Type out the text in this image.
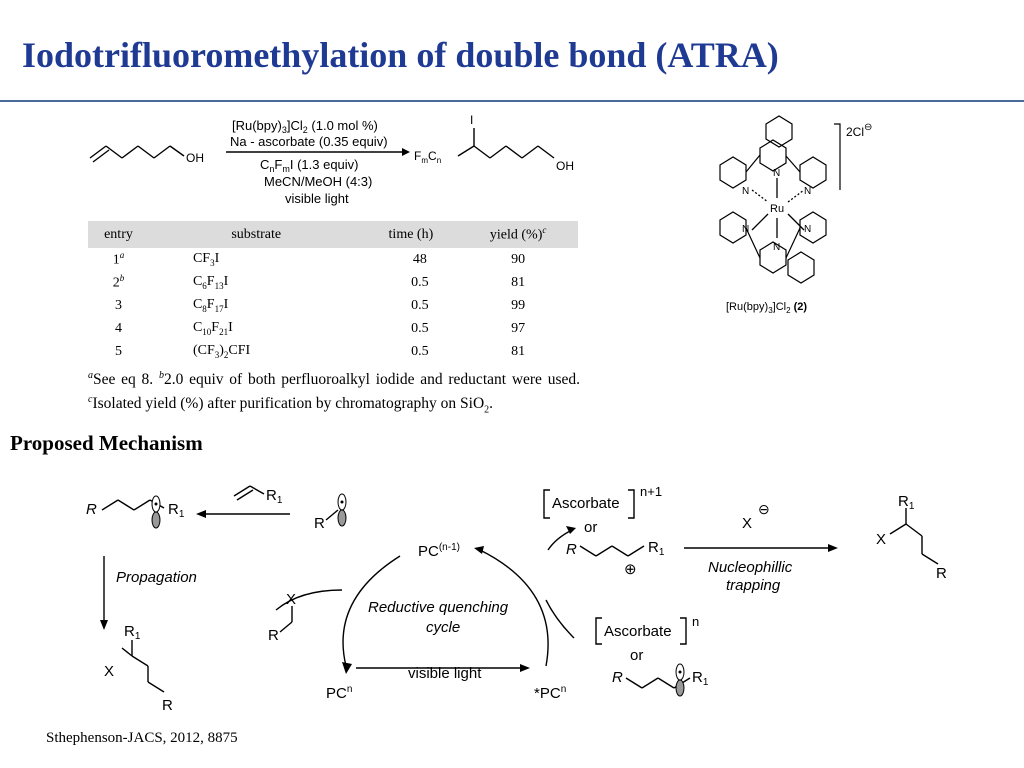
Iodotrifluoromethylation of double bond (ATRA)
OH
$[Ru(bpy)_3]Cl_2$ (1.0 mol %)
Na - ascorbate (0.35 equiv)
$C_nF_mI$ (1.3 equiv)
MeCN/MeOH (4:3)
visible light
$F_mC_n$
I
OH
entry	substrate	time (h)	yield (%)$^c$
1$^a$	$CF_3I$	48	90
2$^b$	$C_6F_{13}I$	0.5	81
3	$C_8F_{17}I$	0.5	99
4	$C_{10}F_{21}I$	0.5	97
5	$(CF_3)_2CFI$	0.5	81

$^a$See eq 8. $^b$2.0 equiv of both perfluoroalkyl iodide and reductant were used. $^c$Isolated yield (%) after purification by chromatography on SiO$_2$.

Ru
N	N
N
N	N
N
2Cl⊖
$[Ru(bpy)_3]Cl_2$ (2)
Proposed Mechanism
R	$R_1$
$R_1$
R
Propagation
$R_1$
X
R
X
R
PC$^{(n-1)}$
Reductive quenching
cycle
visible light
$PC^n$	$*PC^n$
Ascorbate
n+1
or
R	$R_1$
⊕
X
⊖
Nucleophillic
trapping
Ascorbate
n
or
R	$R_1$
$R_1$
X
R
Sthephenson-JACS, 2012, 8875
